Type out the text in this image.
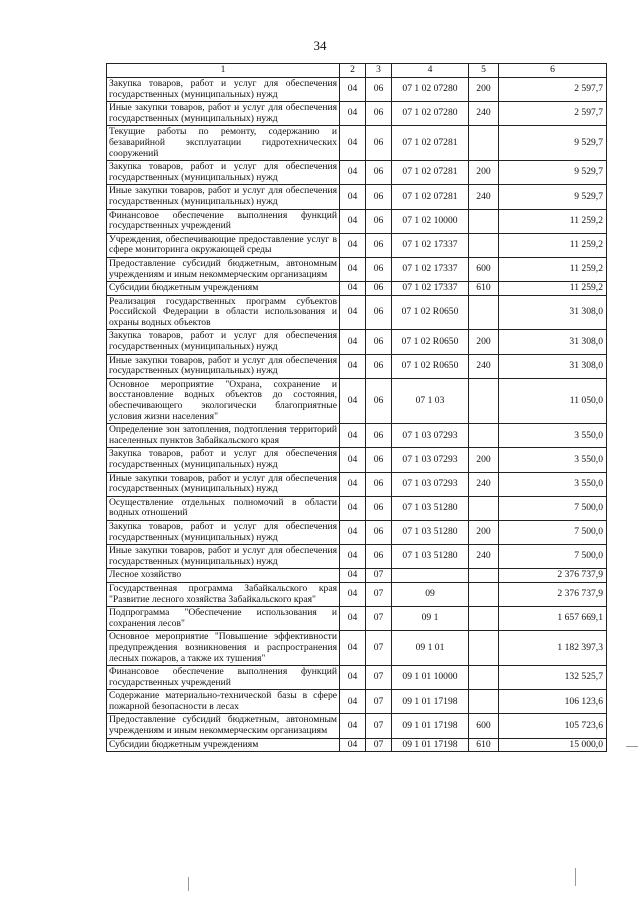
34
1	2	3	4	5	6
Закупка товаров, работ и услуг для обеспечения государственных (муниципальных) нужд	04	06	07 1 02 07280	200	2 597,7
Иные закупки товаров, работ и услуг для обеспечения государственных (муниципальных) нужд	04	06	07 1 02 07280	240	2 597,7
Текущие работы по ремонту, содержанию и безаварийной эксплуатации гидротехнических сооружений	04	06	07 1 02 07281		9 529,7
Закупка товаров, работ и услуг для обеспечения государственных (муниципальных) нужд	04	06	07 1 02 07281	200	9 529,7
Иные закупки товаров, работ и услуг для обеспечения государственных (муниципальных) нужд	04	06	07 1 02 07281	240	9 529,7
Финансовое обеспечение выполнения функций государственных учреждений	04	06	07 1 02 10000		11 259,2
Учреждения, обеспечивающие предоставление услуг в сфере мониторинга окружающей среды	04	06	07 1 02 17337		11 259,2
Предоставление субсидий бюджетным, автономным учреждениям и иным некоммерческим организациям	04	06	07 1 02 17337	600	11 259,2
Субсидии бюджетным учреждениям	04	06	07 1 02 17337	610	11 259,2
Реализация государственных программ субъектов Российской Федерации в области использования и охраны водных объектов	04	06	07 1 02 R0650		31 308,0
Закупка товаров, работ и услуг для обеспечения государственных (муниципальных) нужд	04	06	07 1 02 R0650	200	31 308,0
Иные закупки товаров, работ и услуг для обеспечения государственных (муниципальных) нужд	04	06	07 1 02 R0650	240	31 308,0
Основное мероприятие "Охрана, сохранение и восстановление водных объектов до состояния, обеспечивающего экологически благоприятные условия жизни населения"	04	06	07 1 03		11 050,0
Определение зон затопления, подтопления территорий населенных пунктов Забайкальского края	04	06	07 1 03 07293		3 550,0
Закупка товаров, работ и услуг для обеспечения государственных (муниципальных) нужд	04	06	07 1 03 07293	200	3 550,0
Иные закупки товаров, работ и услуг для обеспечения государственных (муниципальных) нужд	04	06	07 1 03 07293	240	3 550,0
Осуществление отдельных полномочий в области водных отношений	04	06	07 1 03 51280		7 500,0
Закупка товаров, работ и услуг для обеспечения государственных (муниципальных) нужд	04	06	07 1 03 51280	200	7 500,0
Иные закупки товаров, работ и услуг для обеспечения государственных (муниципальных) нужд	04	06	07 1 03 51280	240	7 500,0
Лесное хозяйство	04	07			2 376 737,9
Государственная программа Забайкальского края "Развитие лесного хозяйства Забайкальского края"	04	07	09		2 376 737,9
Подпрограмма "Обеспечение использования и сохранения лесов"	04	07	09 1		1 657 669,1
Основное мероприятие "Повышение эффективности предупреждения возникновения и распространения лесных пожаров, а также их тушения"	04	07	09 1 01		1 182 397,3
Финансовое обеспечение выполнения функций государственных учреждений	04	07	09 1 01 10000		132 525,7
Содержание материально-технической базы в сфере пожарной безопасности в лесах	04	07	09 1 01 17198		106 123,6
Предоставление субсидий бюджетным, автономным учреждениям и иным некоммерческим организациям	04	07	09 1 01 17198	600	105 723,6
Субсидии бюджетным учреждениям	04	07	09 1 01 17198	610	15 000,0
